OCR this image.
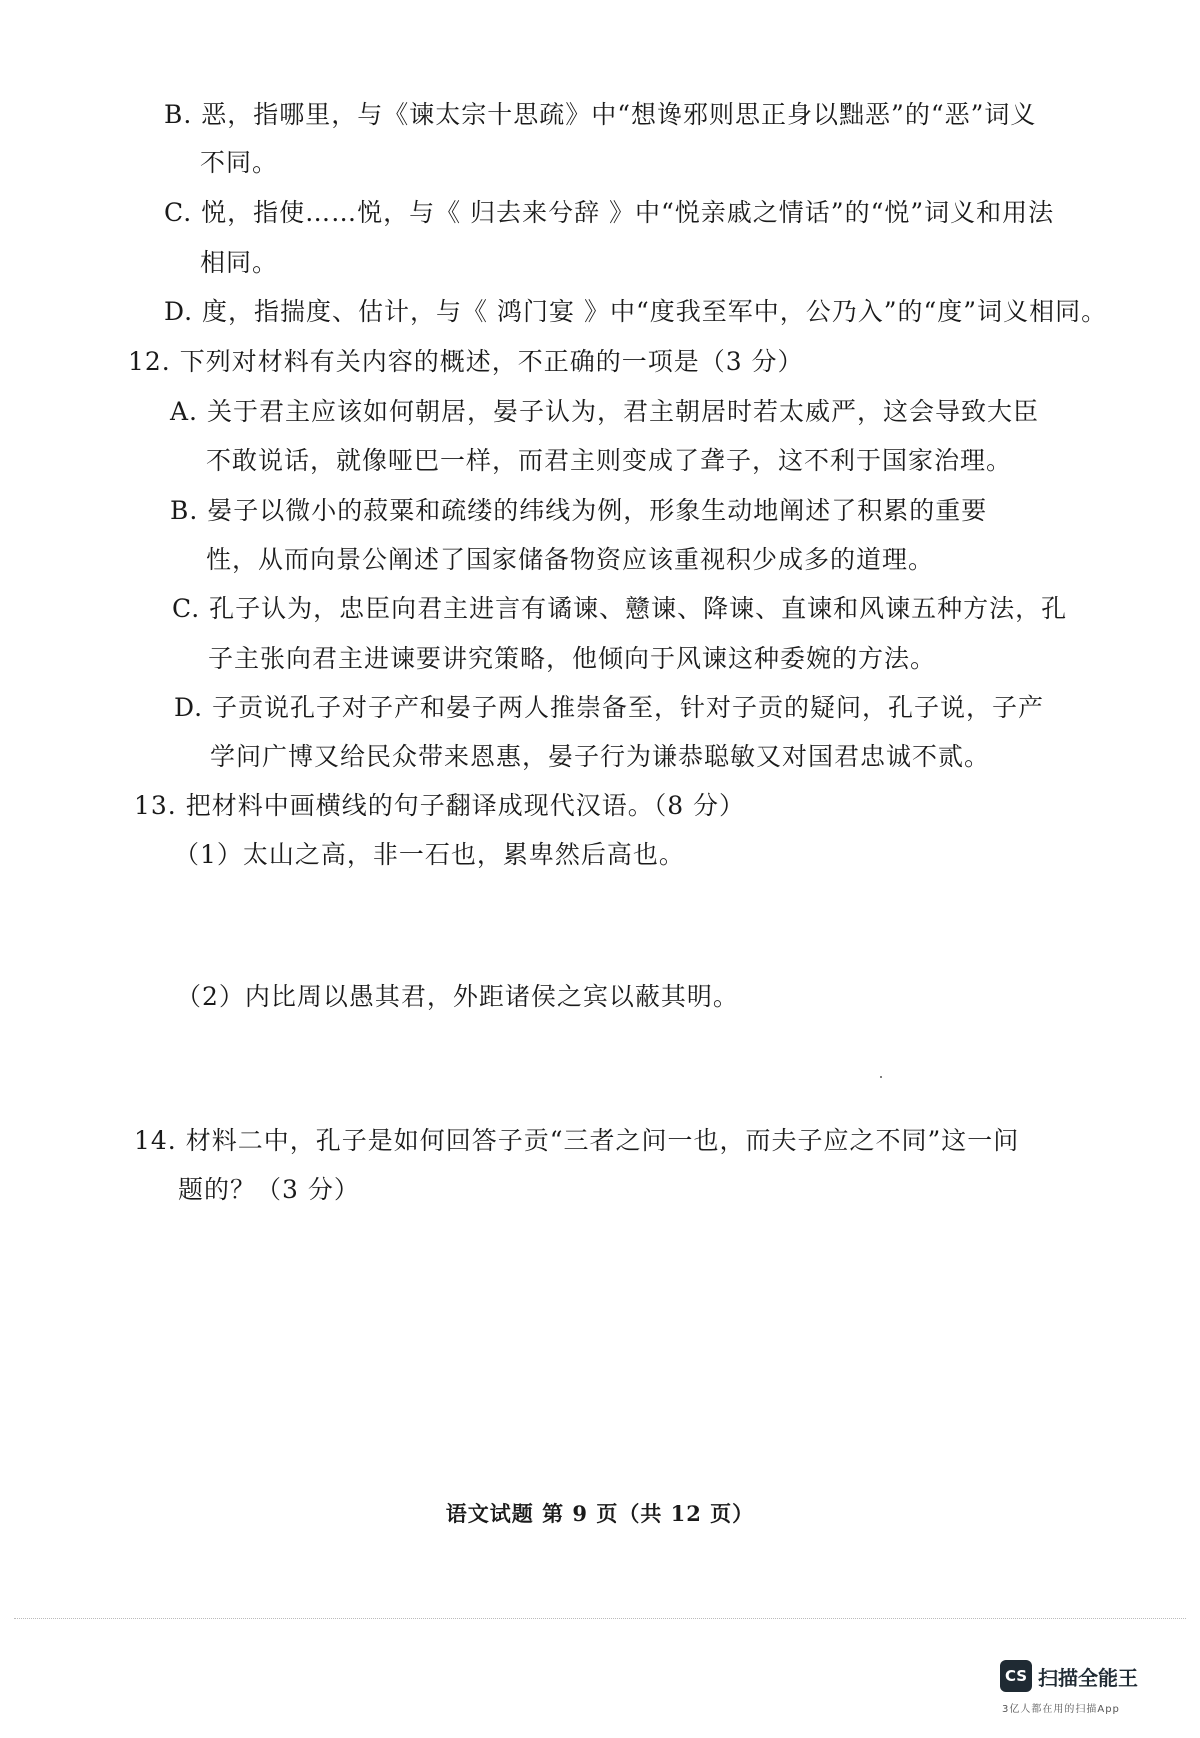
B. 恶，指哪里，与《谏太宗十思疏》中“想谗邪则思正身以黜恶”的“恶”词义
不同。
C. 悦，指使……悦，与《 归去来兮辞 》中“悦亲戚之情话”的“悦”词义和用法
相同。
D. 度，指揣度、估计，与《 鸿门宴 》中“度我至军中，公乃入”的“度”词义相同。
12. 下列对材料有关内容的概述，不正确的一项是（3 分）
A. 关于君主应该如何朝居，晏子认为，君主朝居时若太威严，这会导致大臣
不敢说话，就像哑巴一样，而君主则变成了聋子，这不利于国家治理。
B. 晏子以微小的菽粟和疏缕的纬线为例，形象生动地阐述了积累的重要
性，从而向景公阐述了国家储备物资应该重视积少成多的道理。
C. 孔子认为，忠臣向君主进言有谲谏、戆谏、降谏、直谏和风谏五种方法，孔
子主张向君主进谏要讲究策略，他倾向于风谏这种委婉的方法。
D. 子贡说孔子对子产和晏子两人推崇备至，针对子贡的疑问，孔子说，子产
学问广博又给民众带来恩惠，晏子行为谦恭聪敏又对国君忠诚不贰。
13. 把材料中画横线的句子翻译成现代汉语。（8 分）
（1）太山之高，非一石也，累卑然后高也。
（2）内比周以愚其君，外距诸侯之宾以蔽其明。
14. 材料二中，孔子是如何回答子贡“三者之问一也，而夫子应之不同”这一问
题的？（3 分）
语文试题 第 9 页（共 12 页）
CS 扫描全能王
3亿人都在用的扫描App
